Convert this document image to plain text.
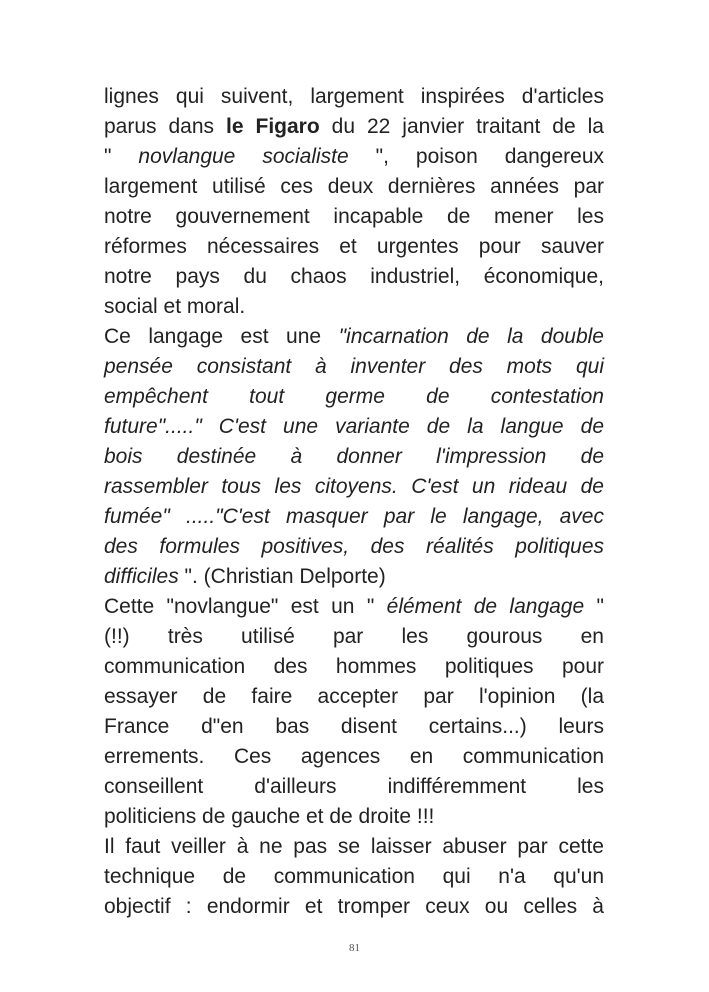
lignes qui suivent, largement inspirées d'articles
parus dans le Figaro du 22 janvier traitant de la
" novlangue socialiste ", poison dangereux
largement utilisé ces deux dernières années par
notre gouvernement incapable de mener les
réformes nécessaires et urgentes pour sauver
notre pays du chaos industriel, économique,
social et moral.
Ce langage est une "incarnation de la double
pensée consistant à inventer des mots qui
empêchent tout germe de contestation
future"....." C'est une variante de la langue de
bois destinée à donner l'impression de
rassembler tous les citoyens. C'est un rideau de
fumée" ....."C'est masquer par le langage, avec
des formules positives, des réalités politiques
difficiles ". (Christian Delporte)
Cette "novlangue" est un " élément de langage "
(!!) très utilisé par les gourous en
communication des hommes politiques pour
essayer de faire accepter par l'opinion (la
France d"en bas disent certains...) leurs
errements. Ces agences en communication
conseillent d'ailleurs indifféremment les
politiciens de gauche et de droite !!!
Il faut veiller à ne pas se laisser abuser par cette
technique de communication qui n'a qu'un
objectif : endormir et tromper ceux ou celles à
81
